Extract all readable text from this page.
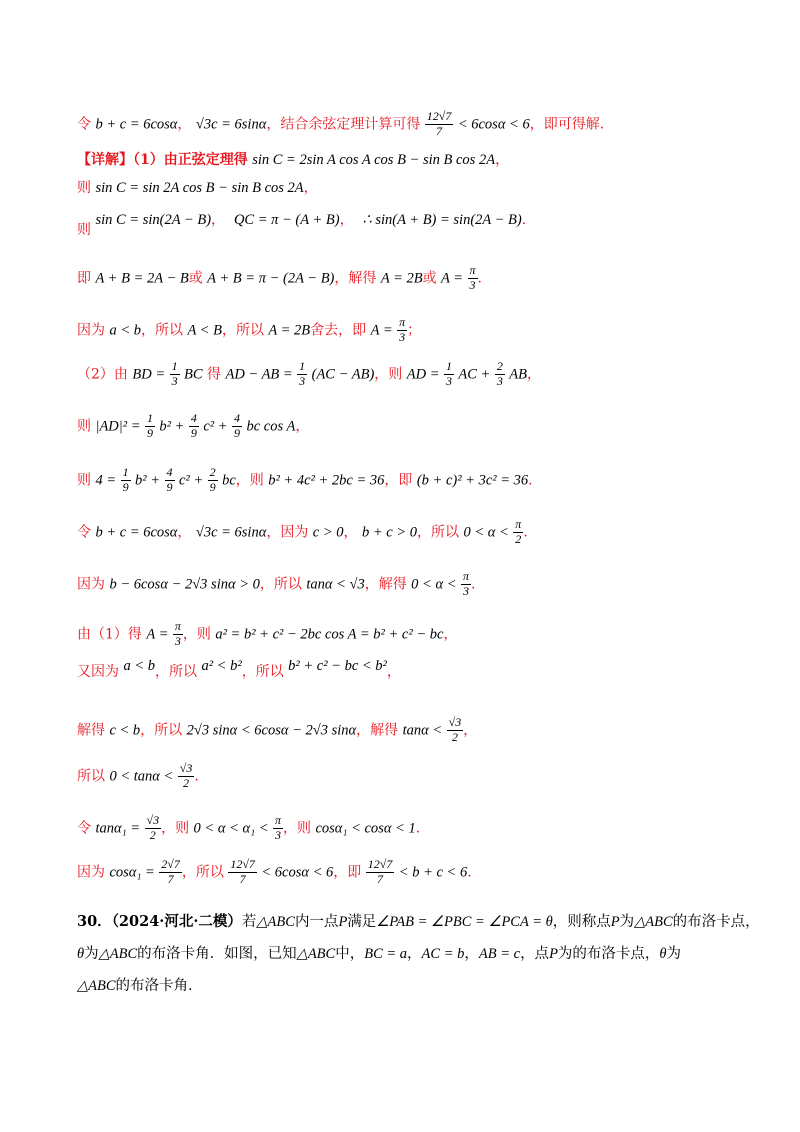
令 b + c = 6cosα， √3c = 6sinα，结合余弦定理计算可得 $\frac{12√7}{7} < 6\cos\alpha < 6$，即可得解.
【详解】（1）由正弦定理得 sin C = 2sin A cos A cos B − sin B cos 2A，
则 sin C = sin 2A cos B − sin B cos 2A，
则 sin C = sin(2A − B)， QC = π − (A + B)， ∴ sin(A + B) = sin(2A − B).
即 A + B = 2A − B或 A + B = π − (2A − B)，解得 A = 2B或 $A = \frac{\pi}{3}$ .
因为 a < b，所以 A < B，所以 A = 2B舍去，即 $A = \frac{\pi}{3}$ ；
（2）由 BD = $\frac{1}{3}$ BC 得 AD − AB = $\frac{1}{3} (AC - AB)$，则 AD = $\frac{1}{3}$ AC + $\frac{2}{3}$ AB，
则 $|AD|^2 = \frac{1}{9} b^2 + \frac{4}{9} c^2 + \frac{4}{9}$ bc cos A，
则 $4 = \frac{1}{9} b^2 + \frac{4}{9} c^2 + \frac{2}{9}$ bc，则 b² + 4c² + 2bc = 36，即 (b + c)² + 3c² = 36.
令 b + c = 6cosα， √3c = 6sinα，因为 c > 0， b + c > 0，所以 $0 < \alpha < \frac{\pi}{2}$ .
因为 b − 6cosα − 2√3 sinα > 0，所以 tanα < √3，解得 $0 < \alpha < \frac{\pi}{3}$ .
由（1）得 $A = \frac{\pi}{3}$ ，则 a² = b² + c² − 2bc cos A = b² + c² − bc，
又因为 a < b，所以 a² < b²，所以 b² + c² − bc < b²，
解得 c < b，所以 2√3 sinα < 6cosα − 2√3 sinα，解得 $\tan\alpha < \frac{√3}{2}$ ，
所以 $0 < \tan\alpha < \frac{√3}{2}$ .
令 $\tan\alpha_1 = \frac{√3}{2}$ ，则 $0 < \alpha < \alpha_1 < \frac{\pi}{3}$ ，则 cosα₁ < cosα < 1.
因为 $\cos\alpha_1 = \frac{2√7}{7}$ ，所以 $\frac{12√7}{7} < 6\cos\alpha < 6$，即 $\frac{12√7}{7} < b + c < 6$.
30．（2024·河北·二模）若△ABC内一点P满足∠PAB = ∠PBC = ∠PCA = θ，则称点P为△ABC的布洛卡点，
θ为△ABC的布洛卡角．如图，已知△ABC中，BC = a，AC = b，AB = c，点P为的布洛卡点，θ为
△ABC的布洛卡角．
